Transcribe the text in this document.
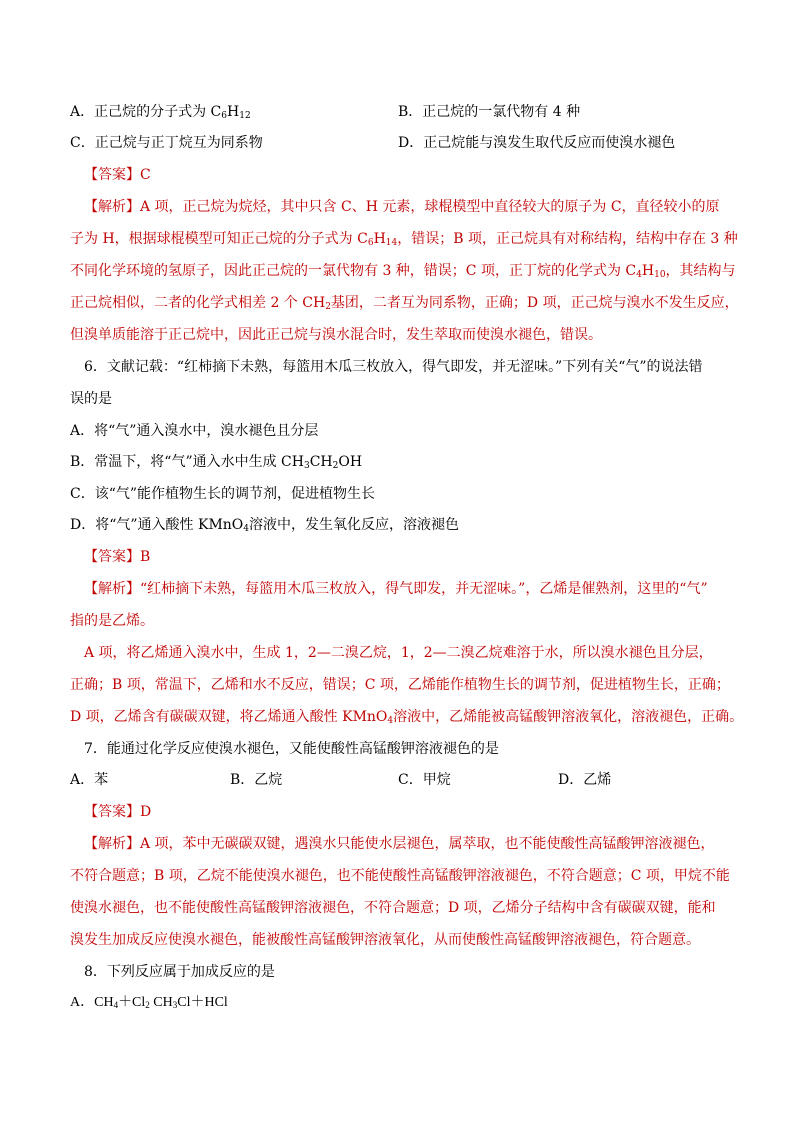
A．正己烷的分子式为 $C_6H_{12}$	B．正己烷的一氯代物有 4 种
C．正己烷与正丁烷互为同系物	D．正己烷能与溴发生取代反应而使溴水褪色
【答案】C
【解析】A 项，正己烷为烷烃，其中只含 C、H 元素，球棍模型中直径较大的原子为 C，直径较小的原
子为 H，根据球棍模型可知正己烷的分子式为 $C_6H_{14}$，错误；B 项，正己烷具有对称结构，结构中存在 3 种
不同化学环境的氢原子，因此正己烷的一氯代物有 3 种，错误；C 项，正丁烷的化学式为 $C_4H_{10}$，其结构与
正己烷相似，二者的化学式相差 2 个 $CH_2$基团，二者互为同系物，正确；D 项，正己烷与溴水不发生反应，
但溴单质能溶于正己烷中，因此正己烷与溴水混合时，发生萃取而使溴水褪色，错误。
6．文献记载：“红柿摘下未熟，每篮用木瓜三枚放入，得气即发，并无涩味。”下列有关“气”的说法错
误的是
A．将“气”通入溴水中，溴水褪色且分层
B．常温下，将“气”通入水中生成 $CH_3CH_2OH$
C．该“气”能作植物生长的调节剂，促进植物生长
D．将“气”通入酸性 KMnO$_4$溶液中，发生氧化反应，溶液褪色
【答案】B
【解析】“红柿摘下未熟，每篮用木瓜三枚放入，得气即发，并无涩味。”，乙烯是催熟剂，这里的“气”
指的是乙烯。
A 项，将乙烯通入溴水中，生成 1，2—二溴乙烷，1，2—二溴乙烷难溶于水，所以溴水褪色且分层，
正确；B 项，常温下，乙烯和水不反应，错误；C 项，乙烯能作植物生长的调节剂，促进植物生长，正确；
D 项，乙烯含有碳碳双键，将乙烯通入酸性 KMnO$_4$溶液中，乙烯能被高锰酸钾溶液氧化，溶液褪色，正确。
7．能通过化学反应使溴水褪色，又能使酸性高锰酸钾溶液褪色的是
A．苯	B．乙烷	C．甲烷	D．乙烯
【答案】D
【解析】A 项，苯中无碳碳双键，遇溴水只能使水层褪色，属萃取，也不能使酸性高锰酸钾溶液褪色，
不符合题意；B 项，乙烷不能使溴水褪色，也不能使酸性高锰酸钾溶液褪色，不符合题意；C 项，甲烷不能
使溴水褪色，也不能使酸性高锰酸钾溶液褪色，不符合题意；D 项，乙烯分子结构中含有碳碳双键，能和
溴发生加成反应使溴水褪色，能被酸性高锰酸钾溶液氧化，从而使酸性高锰酸钾溶液褪色，符合题意。
8．下列反应属于加成反应的是
A．$CH_4+Cl_2$ $CH_3Cl+HCl$
